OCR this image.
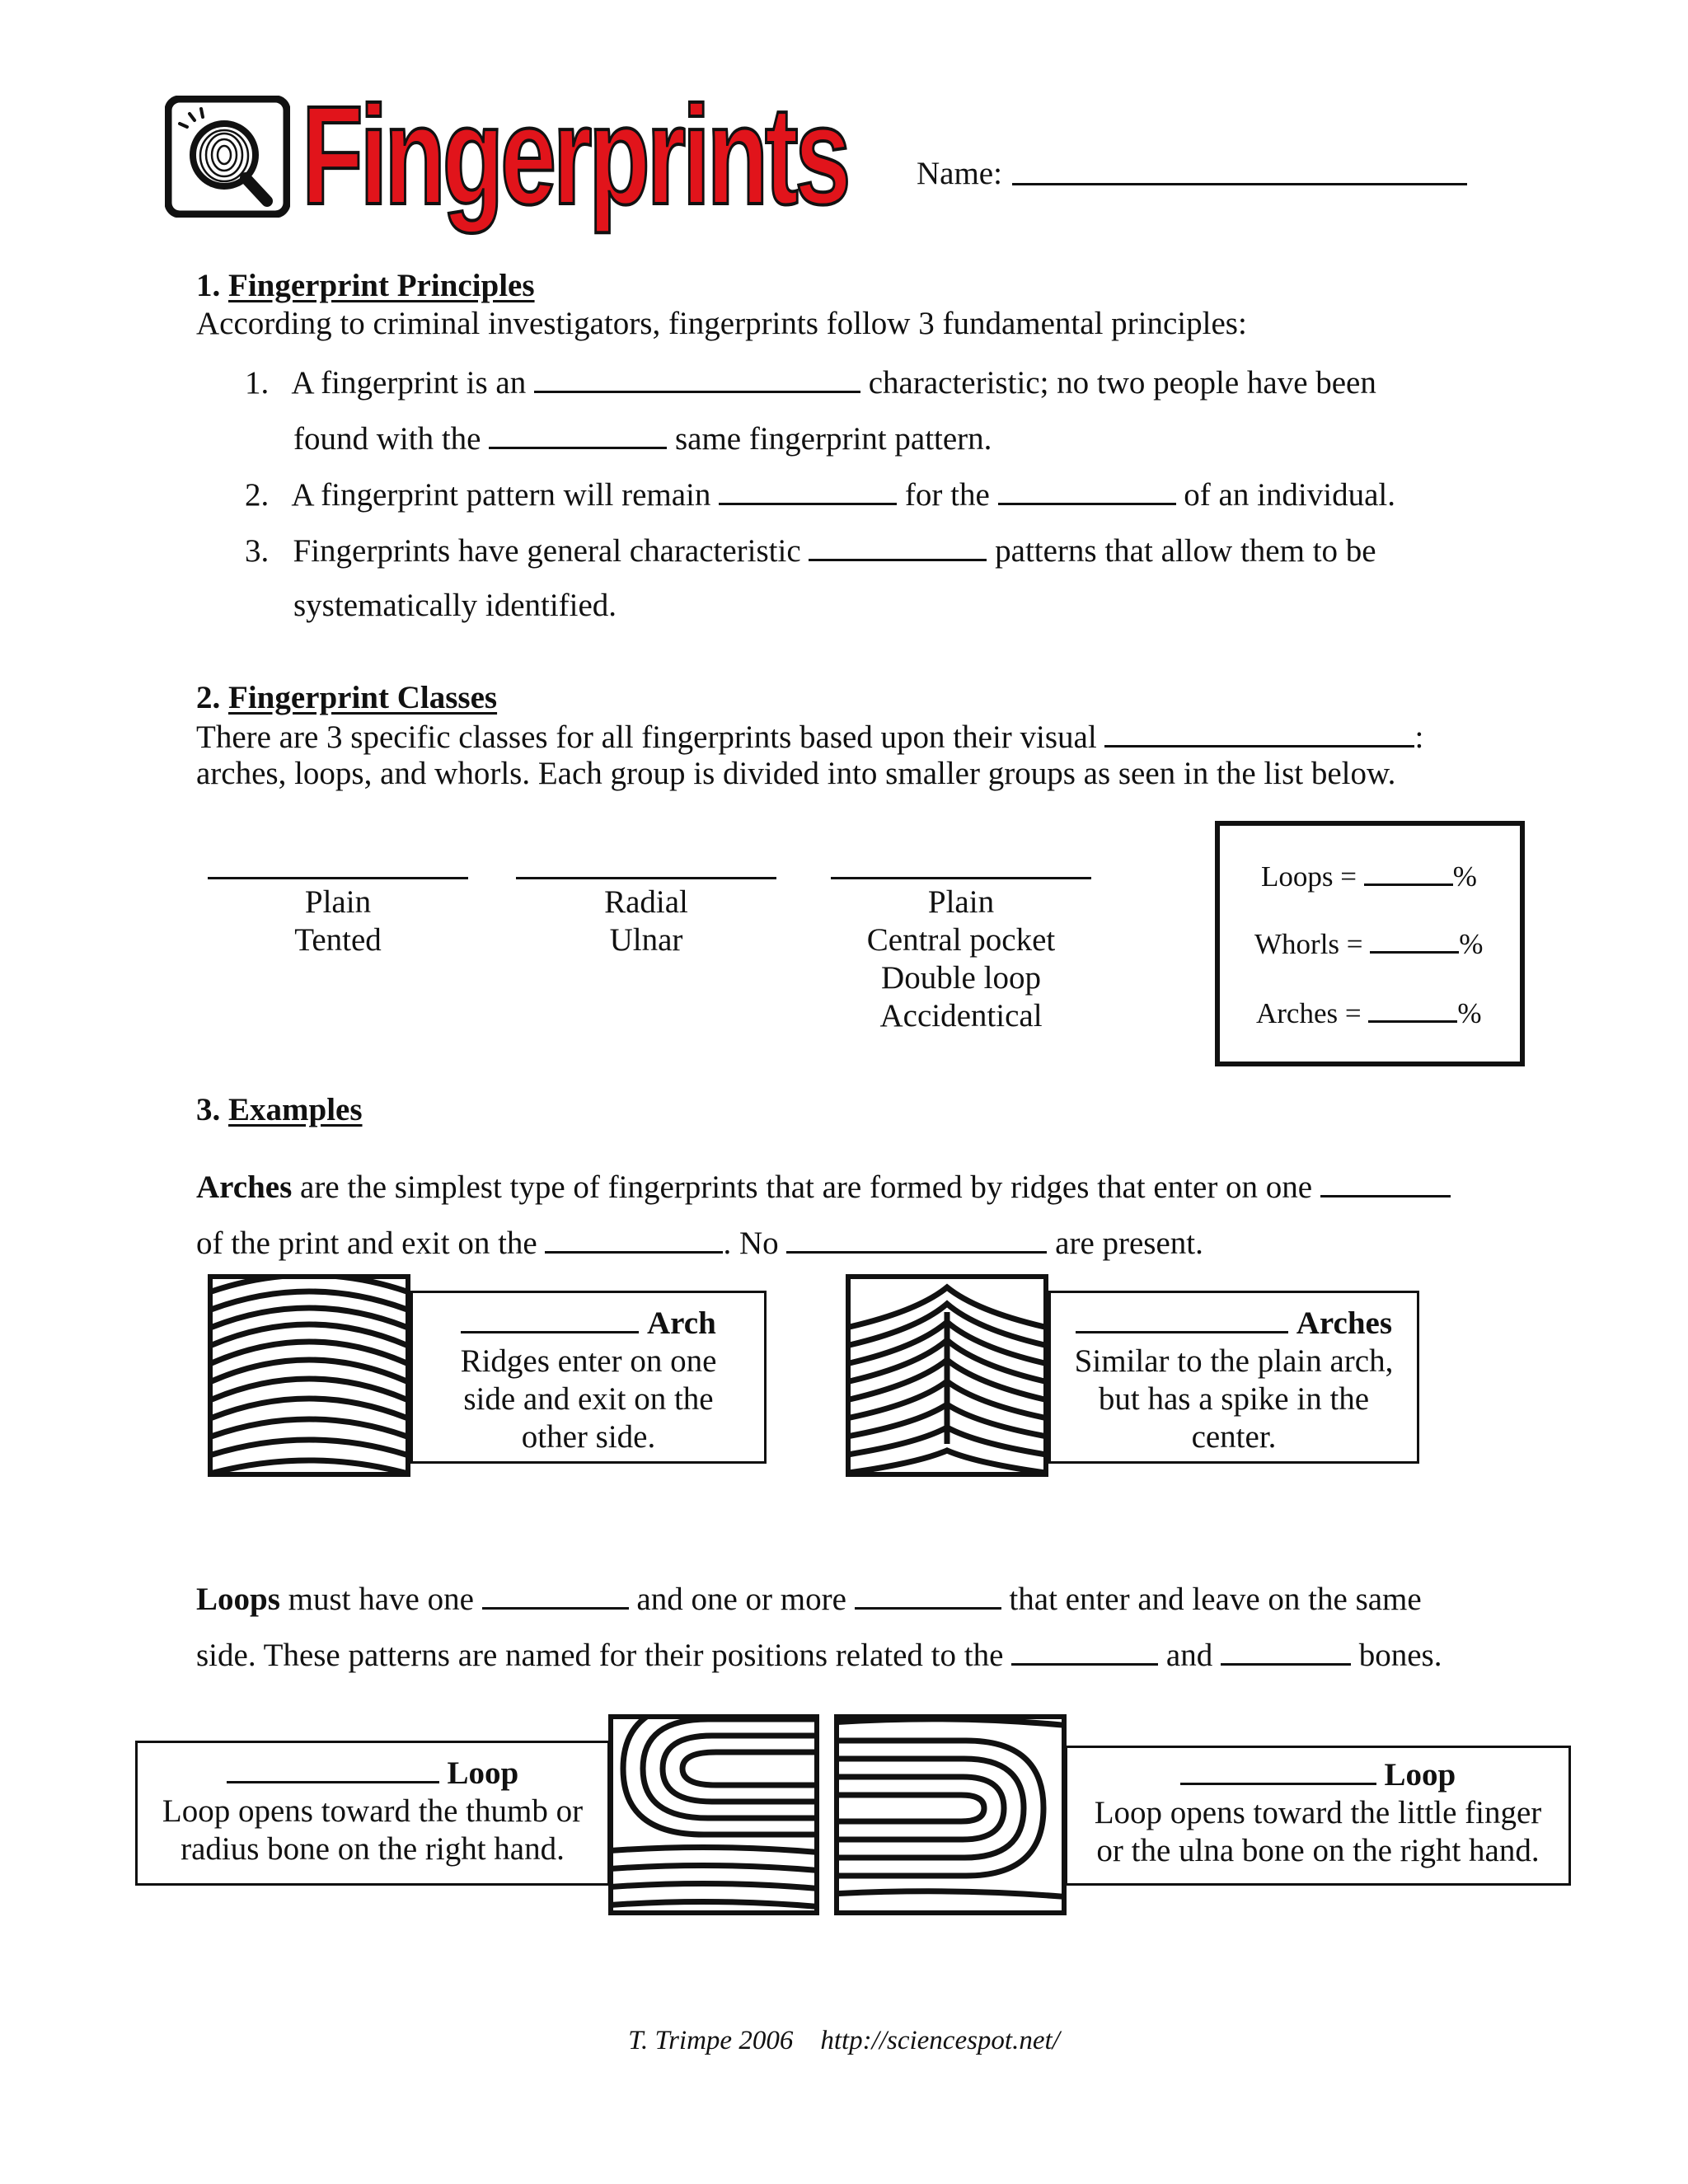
Fingerprints Name:
1. Fingerprint Principles
According to criminal investigators, fingerprints follow 3 fundamental principles:
1. A fingerprint is an	characteristic; no two people have been
found with the	same fingerprint pattern.
2. A fingerprint pattern will remain	for the	of an individual.
3. Fingerprints have general characteristic	patterns that allow them to be
systematically identified.
2. Fingerprint Classes
There are 3 specific classes for all fingerprints based upon their visual	:
arches, loops, and whorls. Each group is divided into smaller groups as seen in the list below.
Plain
Tented
Radial
Ulnar
Plain
Central pocket
Double loop
Accidentical
Loops =	%
Whorls =	%
Arches =	%
3. Examples
Arches are the simplest type of fingerprints that are formed by ridges that enter on one
of the print and exit on the	. No	are present.
Arch
Ridges enter on one
side and exit on the
other side.
Arches
Similar to the plain arch,
but has a spike in the
center.
Loops must have one	and one or more	that enter and leave on the same
side. These patterns are named for their positions related to the	and	bones.
Loop
Loop opens toward the thumb or
radius bone on the right hand.
Loop
Loop opens toward the little finger
or the ulna bone on the right hand.
T. Trimpe 2006 http://sciencespot.net/
